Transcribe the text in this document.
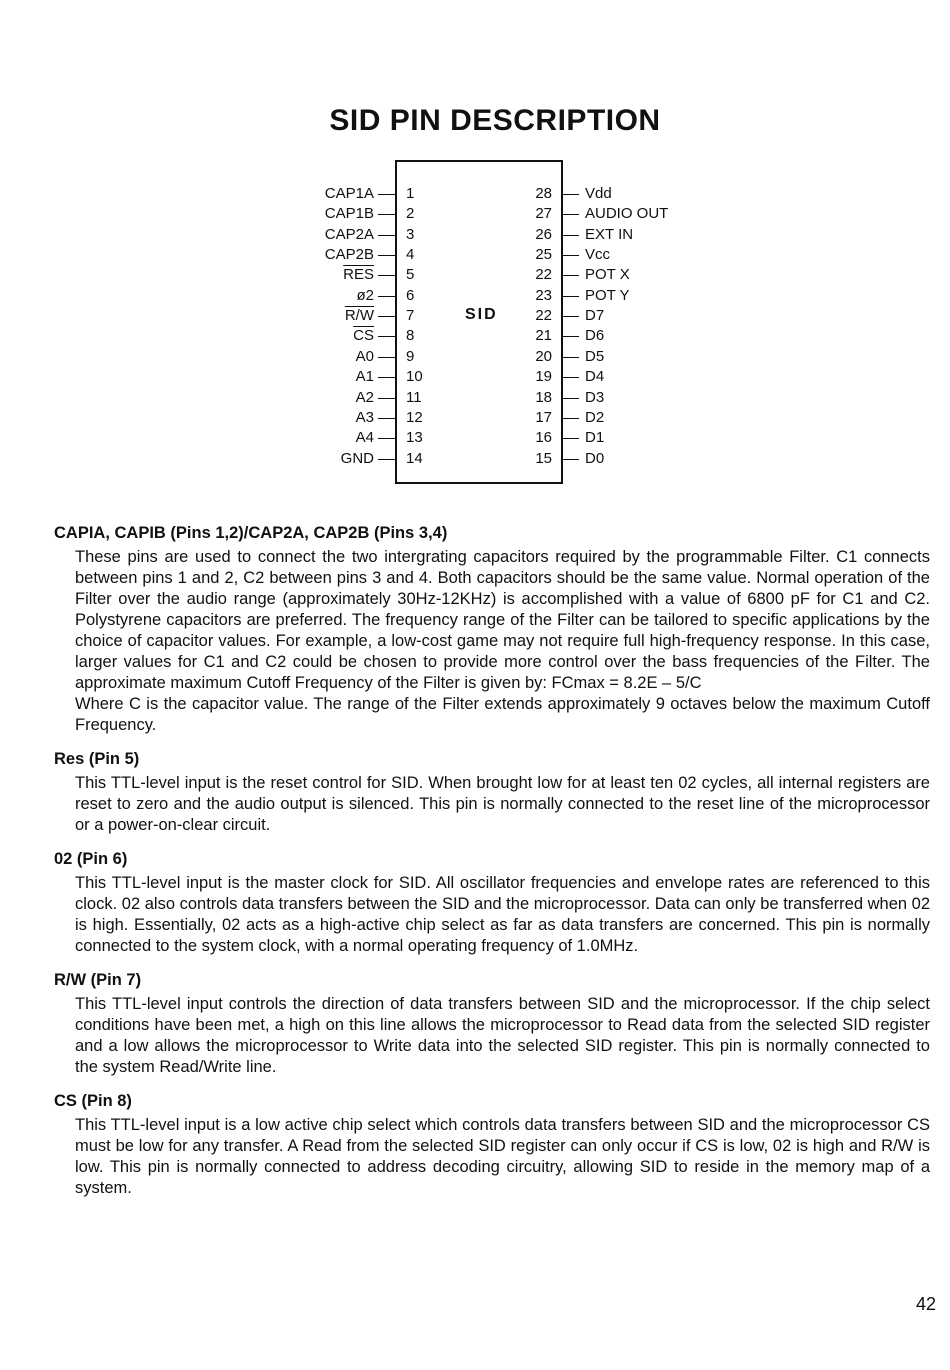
SID PIN DESCRIPTION
SID
CAP1A 1
CAP1B 2
CAP2A 3
CAP2B 4
$\overline{RES}$ 5
ø2 6
R/W 7
$\overline{CS}$ 8
A0 9
A1 10
A2 11
A3 12
A4 13
GND 14
28 Vdd
27 AUDIO OUT
26 EXT IN
25 Vcc
22 POT X
23 POT Y
22 D7
21 D6
20 D5
19 D4
18 D3
17 D2
16 D1
15 D0
CAPIA, CAPIB (Pins 1,2)/CAP2A, CAP2B (Pins 3,4)

These pins are used to connect the two intergrating capacitors required by the programmable Filter. C1 connects between pins 1 and 2, C2 between pins 3 and 4. Both capacitors should be the same value. Normal operation of the Filter over the audio range (approximately 30Hz-12KHz) is accomplished with a value of 6800 pF for C1 and C2. Polystyrene capacitors are preferred. The frequency range of the Filter can be tailored to specific applications by the choice of capacitor values. For example, a low-cost game may not require full high-frequency response. In this case, larger values for C1 and C2 could be chosen to provide more control over the bass frequencies of the Filter. The approximate maximum Cutoff Frequency of the Filter is given by: FCmax = 8.2E – 5/C

Where C is the capacitor value. The range of the Filter extends approximately 9 octaves below the maximum Cutoff Frequency.

Res (Pin 5)

This TTL-level input is the reset control for SID. When brought low for at least ten 02 cycles, all internal registers are reset to zero and the audio output is silenced. This pin is normally connected to the reset line of the microprocessor or a power-on-clear circuit.

02 (Pin 6)

This TTL-level input is the master clock for SID. All oscillator frequencies and envelope rates are referenced to this clock. 02 also controls data transfers between the SID and the microprocessor. Data can only be transferred when 02 is high. Essentially, 02 acts as a high-active chip select as far as data transfers are concerned. This pin is normally connected to the system clock, with a normal operating frequency of 1.0MHz.

R/W (Pin 7)

This TTL-level input controls the direction of data transfers between SID and the microprocessor. If the chip select conditions have been met, a high on this line allows the microprocessor to Read data from the selected SID register and a low allows the microprocessor to Write data into the selected SID register. This pin is normally connected to the system Read/Write line.

CS (Pin 8)

This TTL-level input is a low active chip select which controls data transfers between SID and the microprocessor CS must be low for any transfer. A Read from the selected SID register can only occur if CS is low, 02 is high and R/W is low. This pin is normally connected to address decoding circuitry, allowing SID to reside in the memory map of a system.

42
